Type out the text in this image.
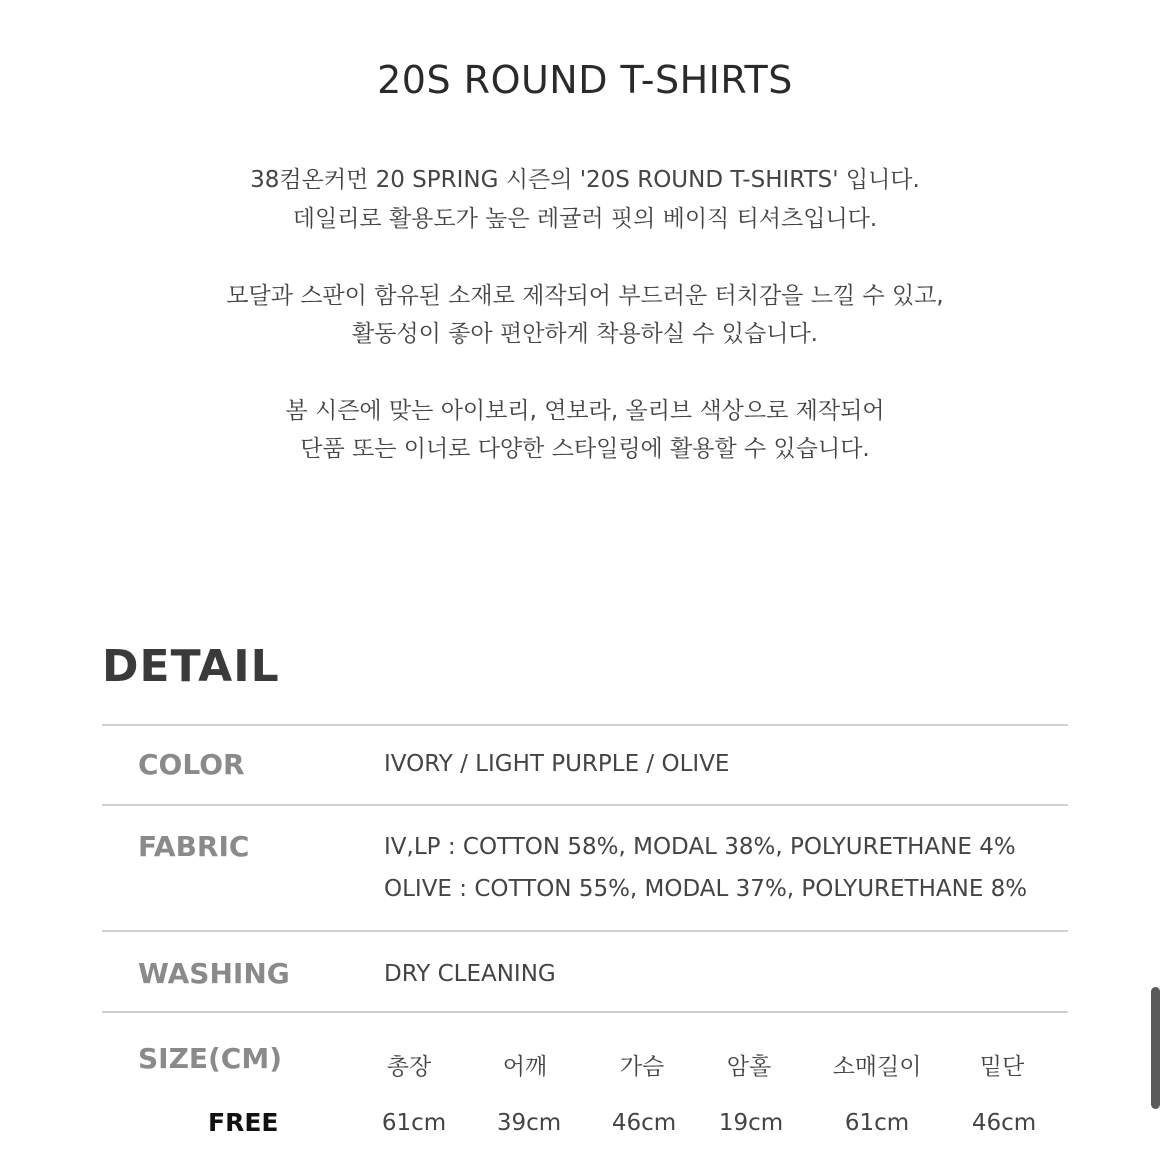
20S ROUND T-SHIRTS
38컴온커먼 20 SPRING 시즌의 '20S ROUND T-SHIRTS' 입니다.
데일리로 활용도가 높은 레귤러 핏의 베이직 티셔츠입니다.
모달과 스판이 함유된 소재로 제작되어 부드러운 터치감을 느낄 수 있고,
활동성이 좋아 편안하게 착용하실 수 있습니다.
봄 시즌에 맞는 아이보리, 연보라, 올리브 색상으로 제작되어
단품 또는 이너로 다양한 스타일링에 활용할 수 있습니다.
DETAIL
COLOR	IVORY / LIGHT PURPLE / OLIVE
FABRIC	IV,LP : COTTON 58%, MODAL 38%, POLYURETHANE 4%
OLIVE : COTTON 55%, MODAL 37%, POLYURETHANE 8%
WASHING	DRY CLEANING
SIZE(CM)	총장	어깨	가슴	암홀	소매길이	밑단
FREE	61cm	39cm	46cm	19cm	61cm	46cm
